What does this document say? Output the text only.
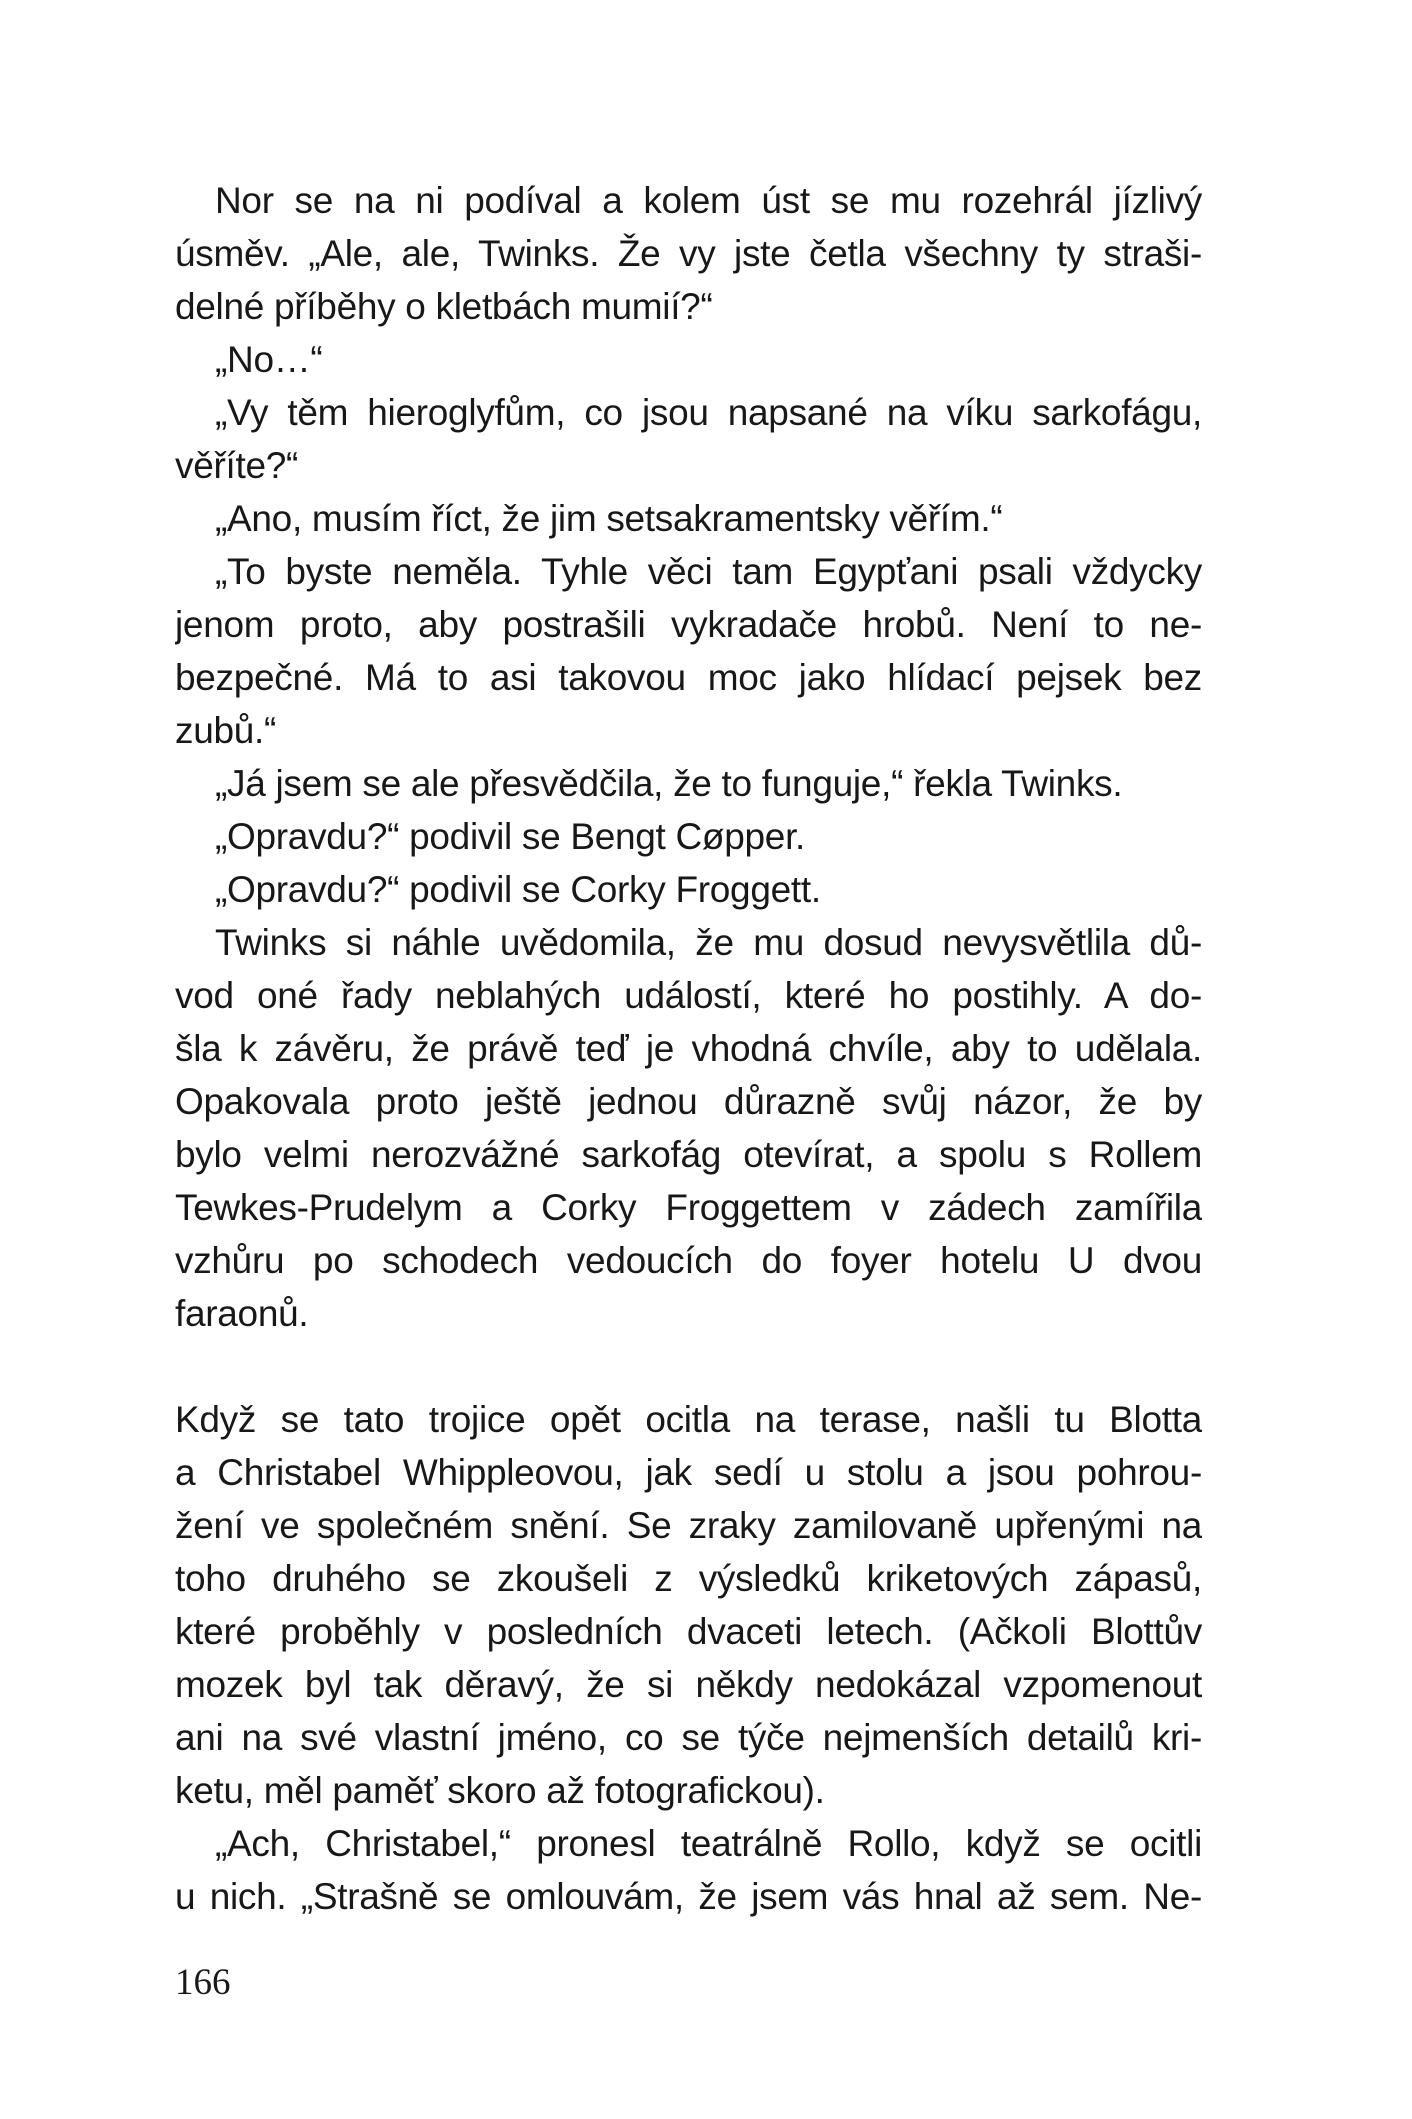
Nor se na ni podíval a kolem úst se mu rozehrál jízlivý
úsměv. „Ale, ale, Twinks. Že vy jste četla všechny ty straši-
delné příběhy o kletbách mumií?“
„No…“
„Vy těm hieroglyfům, co jsou napsané na víku sarkofágu,
věříte?“
„Ano, musím říct, že jim setsakramentsky věřím.“
„To byste neměla. Tyhle věci tam Egypťani psali vždycky
jenom proto, aby postrašili vykradače hrobů. Není to ne-
bezpečné. Má to asi takovou moc jako hlídací pejsek bez
zubů.“
„Já jsem se ale přesvědčila, že to funguje,“ řekla Twinks.
„Opravdu?“ podivil se Bengt Cøpper.
„Opravdu?“ podivil se Corky Froggett.
Twinks si náhle uvědomila, že mu dosud nevysvětlila dů-
vod oné řady neblahých událostí, které ho postihly. A do-
šla k závěru, že právě teď je vhodná chvíle, aby to udělala.
Opakovala proto ještě jednou důrazně svůj názor, že by
bylo velmi nerozvážné sarkofág otevírat, a spolu s Rollem
Tewkes-Prudelym a Corky Froggettem v zádech zamířila
vzhůru po schodech vedoucích do foyer hotelu U dvou
faraonů.
Když se tato trojice opět ocitla na terase, našli tu Blotta
a Christabel Whippleovou, jak sedí u stolu a jsou pohrou-
žení ve společném snění. Se zraky zamilovaně upřenými na
toho druhého se zkoušeli z výsledků kriketových zápasů,
které proběhly v posledních dvaceti letech. (Ačkoli Blottův
mozek byl tak děravý, že si někdy nedokázal vzpomenout
ani na své vlastní jméno, co se týče nejmenších detailů kri-
ketu, měl paměť skoro až fotografickou).
„Ach, Christabel,“ pronesl teatrálně Rollo, když se ocitli
u nich. „Strašně se omlouvám, že jsem vás hnal až sem. Ne-
166
